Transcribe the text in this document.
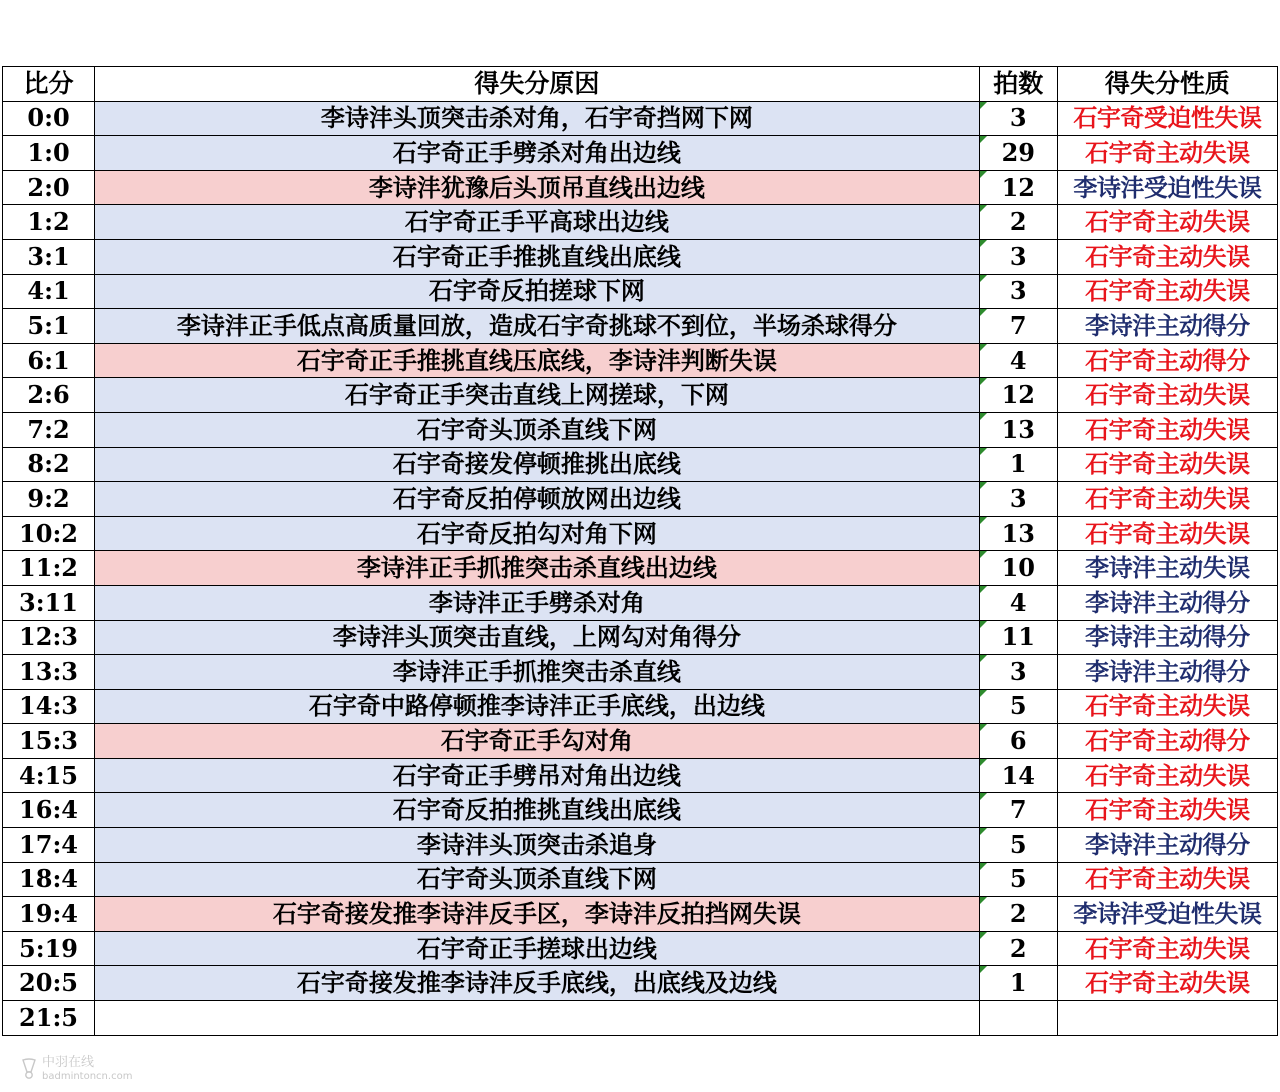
比分	得失分原因	拍数	得失分性质
0:0	李诗沣头顶突击杀对角，石宇奇挡网下网	3	石宇奇受迫性失误
1:0	石宇奇正手劈杀对角出边线	29	石宇奇主动失误
2:0	李诗沣犹豫后头顶吊直线出边线	12	李诗沣受迫性失误
1:2	石宇奇正手平高球出边线	2	石宇奇主动失误
3:1	石宇奇正手推挑直线出底线	3	石宇奇主动失误
4:1	石宇奇反拍搓球下网	3	石宇奇主动失误
5:1	李诗沣正手低点高质量回放，造成石宇奇挑球不到位，半场杀球得分	7	李诗沣主动得分
6:1	石宇奇正手推挑直线压底线，李诗沣判断失误	4	石宇奇主动得分
2:6	石宇奇正手突击直线上网搓球，下网	12	石宇奇主动失误
7:2	石宇奇头顶杀直线下网	13	石宇奇主动失误
8:2	石宇奇接发停顿推挑出底线	1	石宇奇主动失误
9:2	石宇奇反拍停顿放网出边线	3	石宇奇主动失误
10:2	石宇奇反拍勾对角下网	13	石宇奇主动失误
11:2	李诗沣正手抓推突击杀直线出边线	10	李诗沣主动失误
3:11	李诗沣正手劈杀对角	4	李诗沣主动得分
12:3	李诗沣头顶突击直线，上网勾对角得分	11	李诗沣主动得分
13:3	李诗沣正手抓推突击杀直线	3	李诗沣主动得分
14:3	石宇奇中路停顿推李诗沣正手底线，出边线	5	石宇奇主动失误
15:3	石宇奇正手勾对角	6	石宇奇主动得分
4:15	石宇奇正手劈吊对角出边线	14	石宇奇主动失误
16:4	石宇奇反拍推挑直线出底线	7	石宇奇主动失误
17:4	李诗沣头顶突击杀追身	5	李诗沣主动得分
18:4	石宇奇头顶杀直线下网	5	石宇奇主动失误
19:4	石宇奇接发推李诗沣反手区，李诗沣反拍挡网失误	2	李诗沣受迫性失误
5:19	石宇奇正手搓球出边线	2	石宇奇主动失误
20:5	石宇奇接发推李诗沣反手底线，出底线及边线	1	石宇奇主动失误
21:5			
中羽在线
badmintoncn.com
